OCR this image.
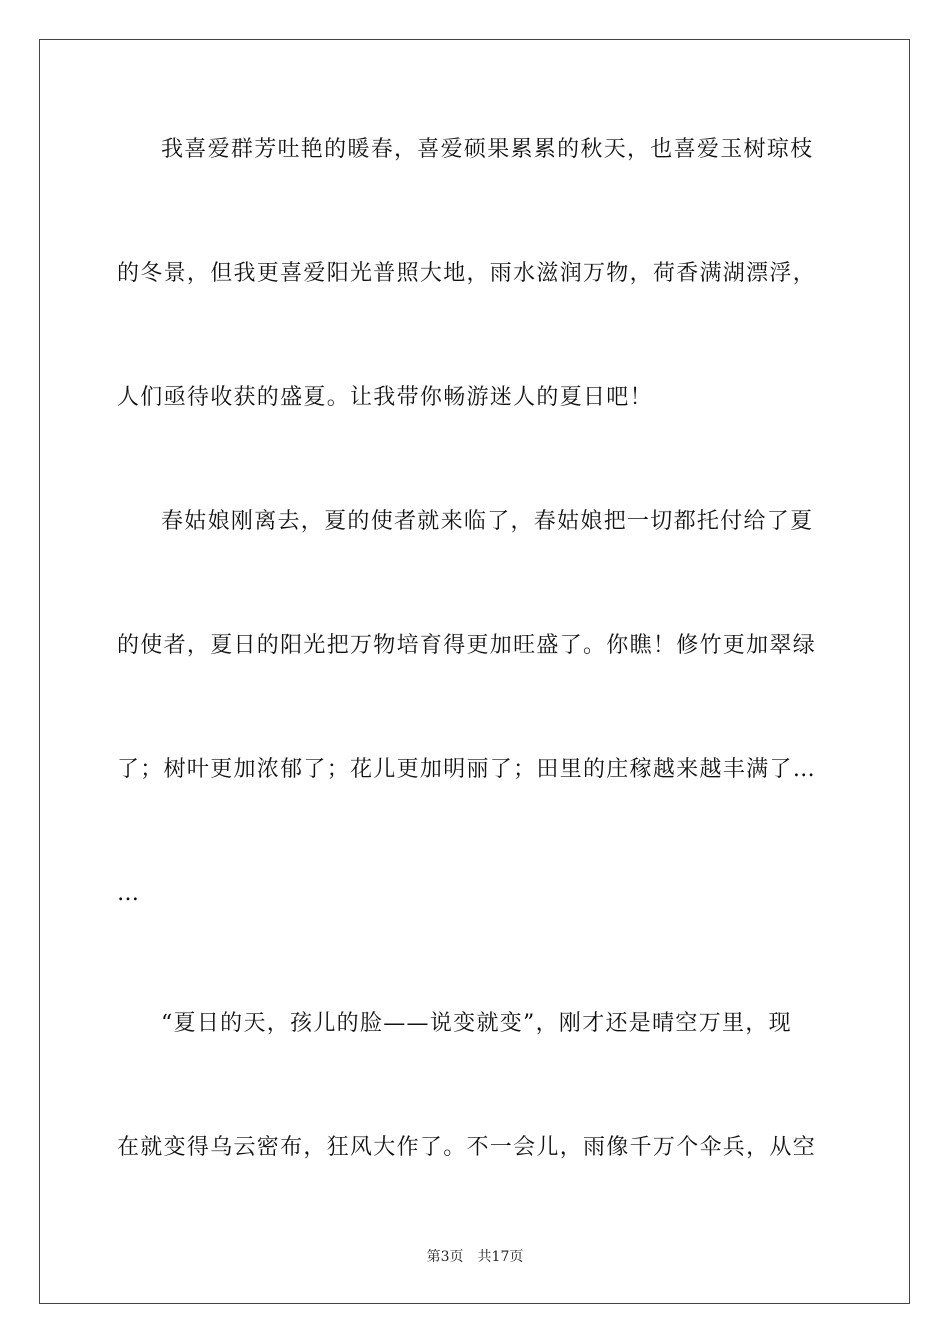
我喜爱群芳吐艳的暖春，喜爱硕果累累的秋天，也喜爱玉树琼枝
的冬景，但我更喜爱阳光普照大地，雨水滋润万物，荷香满湖漂浮，
人们亟待收获的盛夏。让我带你畅游迷人的夏日吧！
春姑娘刚离去，夏的使者就来临了，春姑娘把一切都托付给了夏
的使者，夏日的阳光把万物培育得更加旺盛了。你瞧！修竹更加翠绿
了；树叶更加浓郁了；花儿更加明丽了；田里的庄稼越来越丰满了…
…
“夏日的天，孩儿的脸——说变就变”，刚才还是晴空万里，现
在就变得乌云密布，狂风大作了。不一会儿，雨像千万个伞兵，从空
第3页 共17页
